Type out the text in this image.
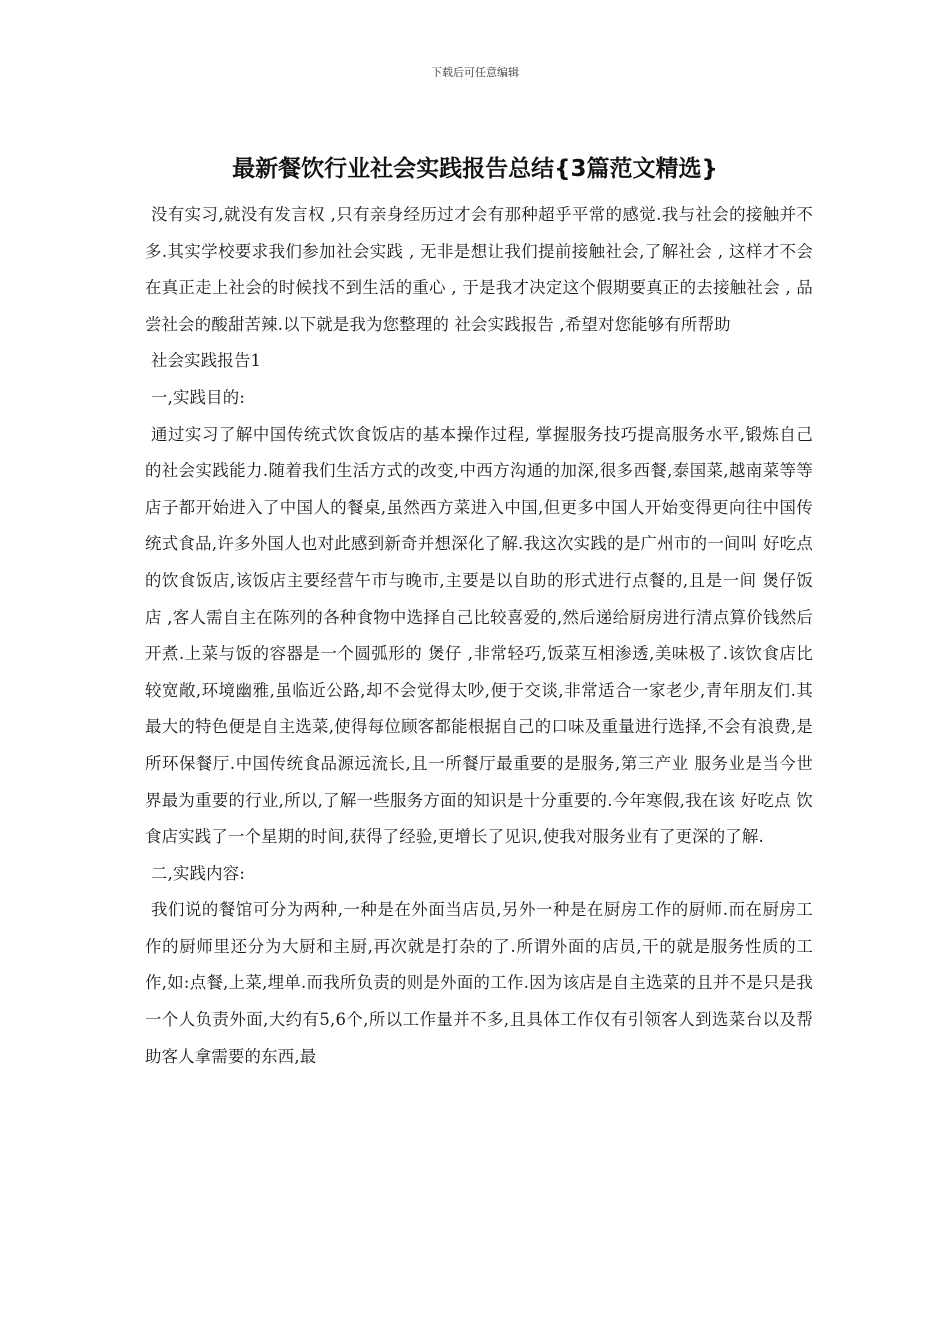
下载后可任意编辑
最新餐饮行业社会实践报告总结{3篇范文精选}

没有实习,就没有发言权 ,只有亲身经历过才会有那种超乎平常的感觉.我与社会的接触并不多.其实学校要求我们参加社会实践 , 无非是想让我们提前接触社会,了解社会 , 这样才不会在真正走上社会的时候找不到生活的重心 , 于是我才决定这个假期要真正的去接触社会 , 品尝社会的酸甜苦辣.以下就是我为您整理的 社会实践报告 ,希望对您能够有所帮助

社会实践报告1

一,实践目的:

通过实习了解中国传统式饮食饭店的基本操作过程, 掌握服务技巧提高服务水平,锻炼自己的社会实践能力.随着我们生活方式的改变,中西方沟通的加深,很多西餐,泰国菜,越南菜等等店子都开始进入了中国人的餐桌,虽然西方菜进入中国,但更多中国人开始变得更向往中国传统式食品,许多外国人也对此感到新奇并想深化了解.我这次实践的是广州市的一间叫 好吃点 的饮食饭店,该饭店主要经营午市与晚市,主要是以自助的形式进行点餐的,且是一间 煲仔饭店 ,客人需自主在陈列的各种食物中选择自己比较喜爱的,然后递给厨房进行清点算价钱然后开煮.上菜与饭的容器是一个圆弧形的 煲仔 ,非常轻巧,饭菜互相渗透,美味极了.该饮食店比较宽敞,环境幽雅,虽临近公路,却不会觉得太吵,便于交谈,非常适合一家老少,青年朋友们.其最大的特色便是自主选菜,使得每位顾客都能根据自己的口味及重量进行选择,不会有浪费,是所环保餐厅.中国传统食品源远流长,且一所餐厅最重要的是服务,第三产业 服务业是当今世界最为重要的行业,所以,了解一些服务方面的知识是十分重要的.今年寒假,我在该 好吃点 饮食店实践了一个星期的时间,获得了经验,更增长了见识,使我对服务业有了更深的了解.

二,实践内容:

我们说的餐馆可分为两种,一种是在外面当店员,另外一种是在厨房工作的厨师.而在厨房工作的厨师里还分为大厨和主厨,再次就是打杂的了.所谓外面的店员,干的就是服务性质的工作,如:点餐,上菜,埋单.而我所负责的则是外面的工作.因为该店是自主选菜的且并不是只是我一个人负责外面,大约有5,6个,所以工作量并不多,且具体工作仅有引领客人到选菜台以及帮助客人拿需要的东西,最
